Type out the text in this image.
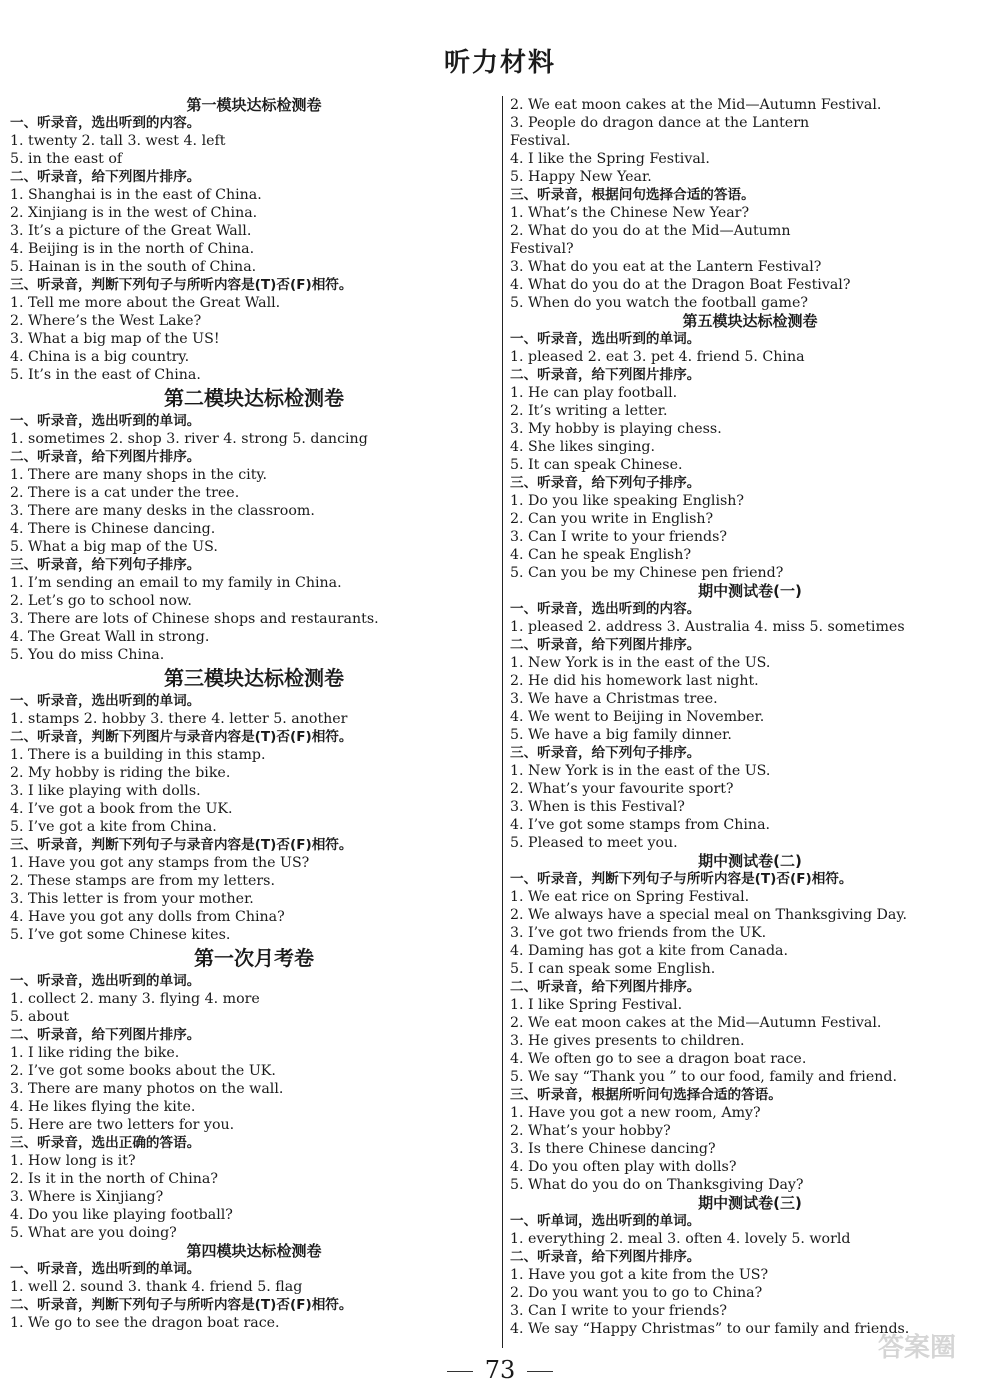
听力材料
第一模块达标检测卷
一、听录音，选出听到的内容。
1. twenty 2. tall 3. west 4. left
5. in the east of
二、听录音，给下列图片排序。
1. Shanghai is in the east of China.
2. Xinjiang is in the west of China.
3. It’s a picture of the Great Wall.
4. Beijing is in the north of China.
5. Hainan is in the south of China.
三、听录音，判断下列句子与所听内容是(T)否(F)相符。
1. Tell me more about the Great Wall.
2. Where’s the West Lake?
3. What a big map of the US!
4. China is a big country.
5. It’s in the east of China.
第二模块达标检测卷
一、听录音，选出听到的单词。
1. sometimes 2. shop 3. river 4. strong 5. dancing
二、听录音，给下列图片排序。
1. There are many shops in the city.
2. There is a cat under the tree.
3. There are many desks in the classroom.
4. There is Chinese dancing.
5. What a big map of the US.
三、听录音，给下列句子排序。
1. I’m sending an email to my family in China.
2. Let’s go to school now.
3. There are lots of Chinese shops and restaurants.
4. The Great Wall in strong.
5. You do miss China.
第三模块达标检测卷
一、听录音，选出听到的单词。
1. stamps 2. hobby 3. there 4. letter 5. another
二、听录音，判断下列图片与录音内容是(T)否(F)相符。
1. There is a building in this stamp.
2. My hobby is riding the bike.
3. I like playing with dolls.
4. I’ve got a book from the UK.
5. I’ve got a kite from China.
三、听录音，判断下列句子与录音内容是(T)否(F)相符。
1. Have you got any stamps from the US?
2. These stamps are from my letters.
3. This letter is from your mother.
4. Have you got any dolls from China?
5. I’ve got some Chinese kites.
第一次月考卷
一、听录音，选出听到的单词。
1. collect 2. many 3. flying 4. more
5. about
二、听录音，给下列图片排序。
1. I like riding the bike.
2. I’ve got some books about the UK.
3. There are many photos on the wall.
4. He likes flying the kite.
5. Here are two letters for you.
三、听录音，选出正确的答语。
1. How long is it?
2. Is it in the north of China?
3. Where is Xinjiang?
4. Do you like playing football?
5. What are you doing?
第四模块达标检测卷
一、听录音，选出听到的单词。
1. well 2. sound 3. thank 4. friend 5. flag
二、听录音，判断下列句子与所听内容是(T)否(F)相符。
1. We go to see the dragon boat race.
2. We eat moon cakes at the Mid—Autumn Festival.
3. People do dragon dance at the Lantern
Festival.
4. I like the Spring Festival.
5. Happy New Year.
三、听录音，根据问句选择合适的答语。
1. What’s the Chinese New Year?
2. What do you do at the Mid—Autumn
Festival?
3. What do you eat at the Lantern Festival?
4. What do you do at the Dragon Boat Festival?
5. When do you watch the football game?
第五模块达标检测卷
一、听录音，选出听到的单词。
1. pleased 2. eat 3. pet 4. friend 5. China
二、听录音，给下列图片排序。
1. He can play football.
2. It’s writing a letter.
3. My hobby is playing chess.
4. She likes singing.
5. It can speak Chinese.
三、听录音，给下列句子排序。
1. Do you like speaking English?
2. Can you write in English?
3. Can I write to your friends?
4. Can he speak English?
5. Can you be my Chinese pen friend?
期中测试卷(一)
一、听录音，选出听到的内容。
1. pleased 2. address 3. Australia 4. miss 5. sometimes
二、听录音，给下列图片排序。
1. New York is in the east of the US.
2. He did his homework last night.
3. We have a Christmas tree.
4. We went to Beijing in November.
5. We have a big family dinner.
三、听录音，给下列句子排序。
1. New York is in the east of the US.
2. What’s your favourite sport?
3. When is this Festival?
4. I’ve got some stamps from China.
5. Pleased to meet you.
期中测试卷(二)
一、听录音，判断下列句子与所听内容是(T)否(F)相符。
1. We eat rice on Spring Festival.
2. We always have a special meal on Thanksgiving Day.
3. I’ve got two friends from the UK.
4. Daming has got a kite from Canada.
5. I can speak some English.
二、听录音，给下列图片排序。
1. I like Spring Festival.
2. We eat moon cakes at the Mid—Autumn Festival.
3. He gives presents to children.
4. We often go to see a dragon boat race.
5. We say “Thank you ” to our food, family and friend.
三、听录音，根据所听问句选择合适的答语。
1. Have you got a new room, Amy?
2. What’s your hobby?
3. Is there Chinese dancing?
4. Do you often play with dolls?
5. What do you do on Thanksgiving Day?
期中测试卷(三)
一、听单词，选出听到的单词。
1. everything 2. meal 3. often 4. lovely 5. world
二、听录音，给下列图片排序。
1. Have you got a kite from the US?
2. Do you want you to go to China?
3. Can I write to your friends?
4. We say “Happy Christmas” to our family and friends.
73
答案圈
